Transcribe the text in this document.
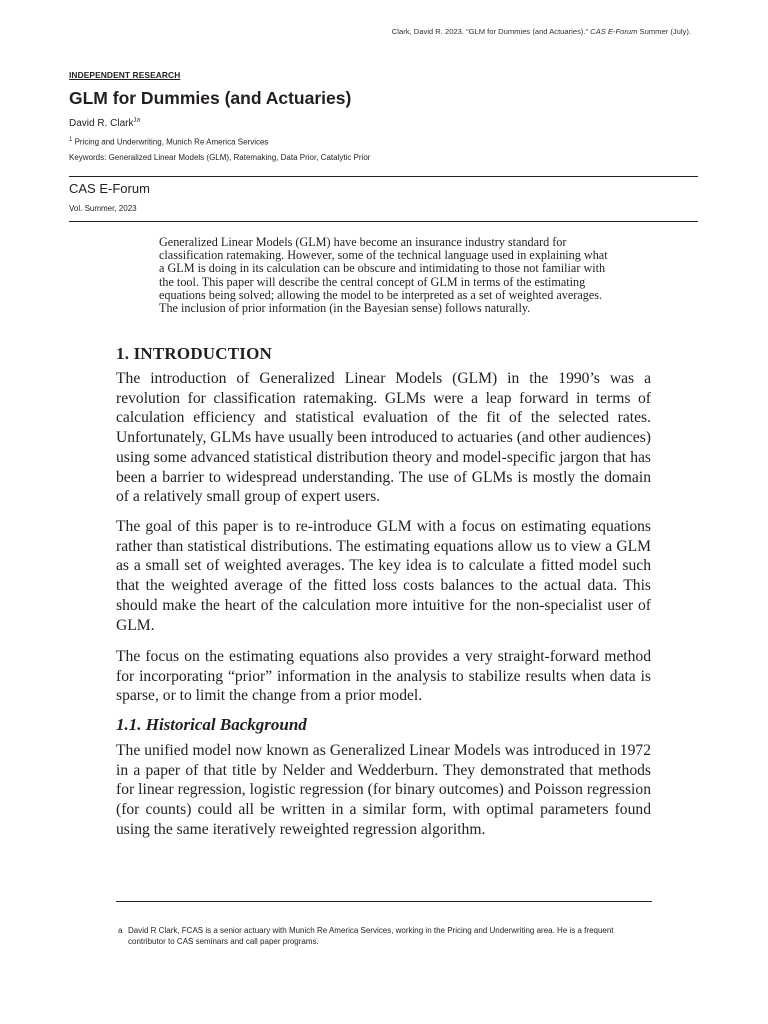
Clark, David R. 2023. “GLM for Dummies (and Actuaries).” CAS E-Forum Summer (July).
INDEPENDENT RESEARCH
GLM for Dummies (and Actuaries)
David R. Clark$^{1a}$
$^1$ Pricing and Underwriting, Munich Re America Services
Keywords: Generalized Linear Models (GLM), Ratemaking, Data Prior, Catalytic Prior
CAS E-Forum
Vol. Summer, 2023

Generalized Linear Models (GLM) have become an insurance industry standard for classification ratemaking. However, some of the technical language used in explaining what a GLM is doing in its calculation can be obscure and intimidating to those not familiar with the tool. This paper will describe the central concept of GLM in terms of the estimating equations being solved; allowing the model to be interpreted as a set of weighted averages. The inclusion of prior information (in the Bayesian sense) follows naturally.

1. INTRODUCTION

The introduction of Generalized Linear Models (GLM) in the 1990’s was a revolution for classification ratemaking. GLMs were a leap forward in terms of calculation efficiency and statistical evaluation of the fit of the selected rates. Unfortunately, GLMs have usually been introduced to actuaries (and other audiences) using some advanced statistical distribution theory and model-specific jargon that has been a barrier to widespread understanding. The use of GLMs is mostly the domain of a relatively small group of expert users.

The goal of this paper is to re-introduce GLM with a focus on estimating equations rather than statistical distributions. The estimating equations allow us to view a GLM as a small set of weighted averages. The key idea is to calculate a fitted model such that the weighted average of the fitted loss costs balances to the actual data. This should make the heart of the calculation more intuitive for the non-specialist user of GLM.

The focus on the estimating equations also provides a very straight-forward method for incorporating “prior” information in the analysis to stabilize results when data is sparse, or to limit the change from a prior model.

1.1. Historical Background

The unified model now known as Generalized Linear Models was introduced in 1972 in a paper of that title by Nelder and Wedderburn. They demonstrated that methods for linear regression, logistic regression (for binary outcomes) and Poisson regression (for counts) could all be written in a similar form, with optimal parameters found using the same iteratively reweighted regression algorithm.

a David R Clark, FCAS is a senior actuary with Munich Re America Services, working in the Pricing and Underwriting area. He is a frequent contributor to CAS seminars and call paper programs.
